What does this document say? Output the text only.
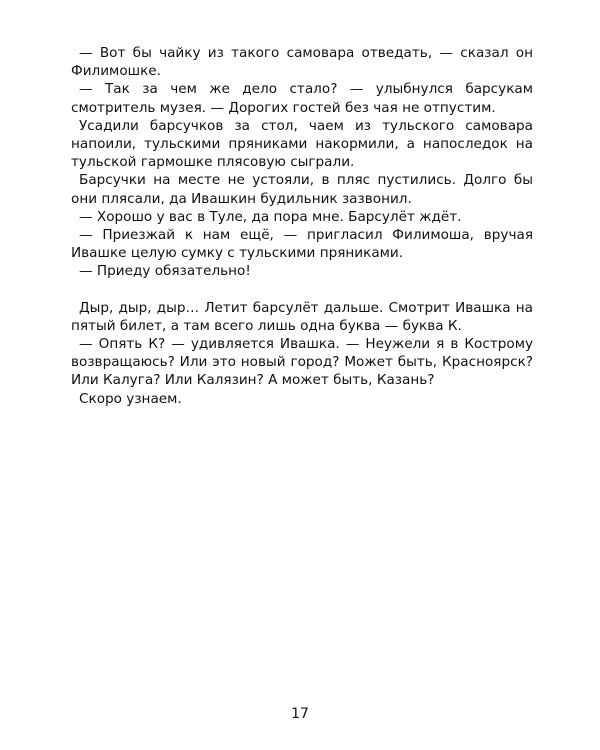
— Вот бы чайку из такого самовара отведать, — сказал он Филимошке.

— Так за чем же дело стало? — улыбнулся барсукам смотритель музея. — Дорогих гостей без чая не отпустим.

Усадили барсучков за стол, чаем из тульского самовара напоили, тульскими пряниками накормили, а напоследок на тульской гармошке плясовую сыграли.

Барсучки на месте не устояли, в пляс пустились. Долго бы они плясали, да Ивашкин будильник зазвонил.

— Хорошо у вас в Туле, да пора мне. Барсулёт ждёт.

— Приезжай к нам ещё, — пригласил Филимоша, вручая Ивашке целую сумку с тульскими пряниками.

— Приеду обязательно!

Дыр, дыр, дыр… Летит барсулёт дальше. Смотрит Ивашка на пятый билет, а там всего лишь одна буква — буква К.

— Опять К? — удивляется Ивашка. — Неужели я в Кострому возвращаюсь? Или это новый город? Может быть, Красноярск? Или Калуга? Или Калязин? А может быть, Казань?

Скоро узнаем.

17
